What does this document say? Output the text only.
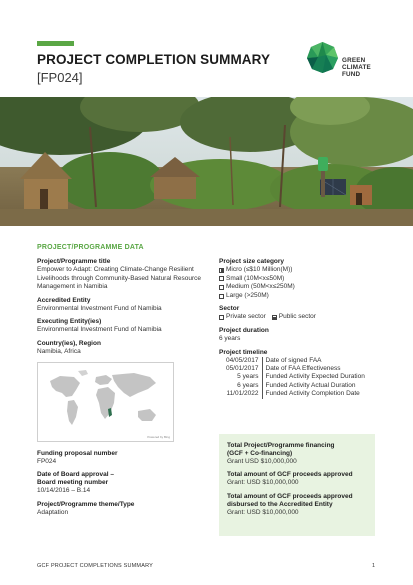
PROJECT COMPLETION SUMMARY
[FP024]
GREEN
CLIMATE
FUND
PROJECT/PROGRAMME DATA
Project/Programme title
Empower to Adapt: Creating Climate-Change Resilient Livelihoods through Community-Based Natural Resource Management in Namibia
Accredited Entity
Environmental Investment Fund of Namibia
Executing Entity(ies)
Environmental Investment Fund of Namibia
Country(ies), Region
Namibia, Africa
Powered by Bing
Funding proposal number
FP024
Date of Board approval –
Board meeting number
10/14/2016 – B.14
Project/Programme theme/Type
Adaptation
Project size category
Micro (≤$10 Million(M))
Small (10M<x≤50M)
Medium (50M<x≤250M)
Large (>250M)
Sector
Private sector Public sector
Project duration
6 years
Project timeline
04/05/2017	Date of signed FAA
05/01/2017	Date of FAA Effectiveness
5 years	Funded Activity Expected Duration
6 years	Funded Activity Actual Duration
11/01/2022	Funded Activity Completion Date
Total Project/Programme financing
(GCF + Co-financing)
Grant USD $10,000,000
Total amount of GCF proceeds approved
Grant: USD $10,000,000
Total amount of GCF proceeds approved
disbursed to the Accredited Entity
Grant: USD $10,000,000
GCF PROJECT COMPLETIONS SUMMARY	1
